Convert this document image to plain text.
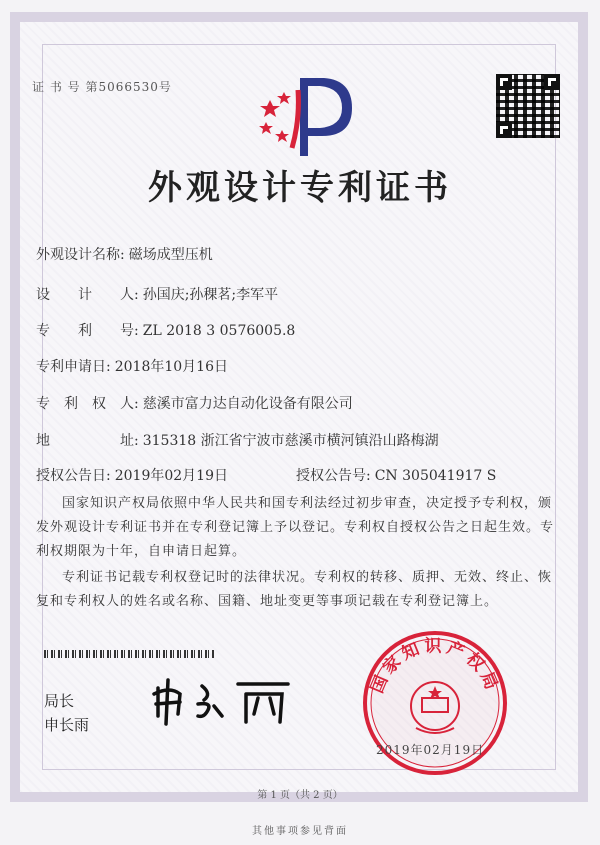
证 书 号 第5066530号
外观设计专利证书
外观设计名称: 磁场成型压机
设　　计　　人: 孙国庆;孙稞茗;李军平
专　　利　　号: ZL 2018 3 0576005.8
专利申请日: 2018年10月16日
专　利　权　人: 慈溪市富力达自动化设备有限公司
地　　　　　址: 315318 浙江省宁波市慈溪市横河镇沿山路梅湖
授权公告日: 2019年02月19日	授权公告号: CN 305041917 S
国家知识产权局依照中华人民共和国专利法经过初步审查，决定授予专利权，颁发外观设计专利证书并在专利登记簿上予以登记。专利权自授权公告之日起生效。专利权期限为十年，自申请日起算。
专利证书记载专利权登记时的法律状况。专利权的转移、质押、无效、终止、恢复和专利权人的姓名或名称、国籍、地址变更等事项记载在专利登记簿上。
局长
申长雨
国家知识产权局
2019年02月19日
第 1 页（共 2 页）
其他事项参见背面
